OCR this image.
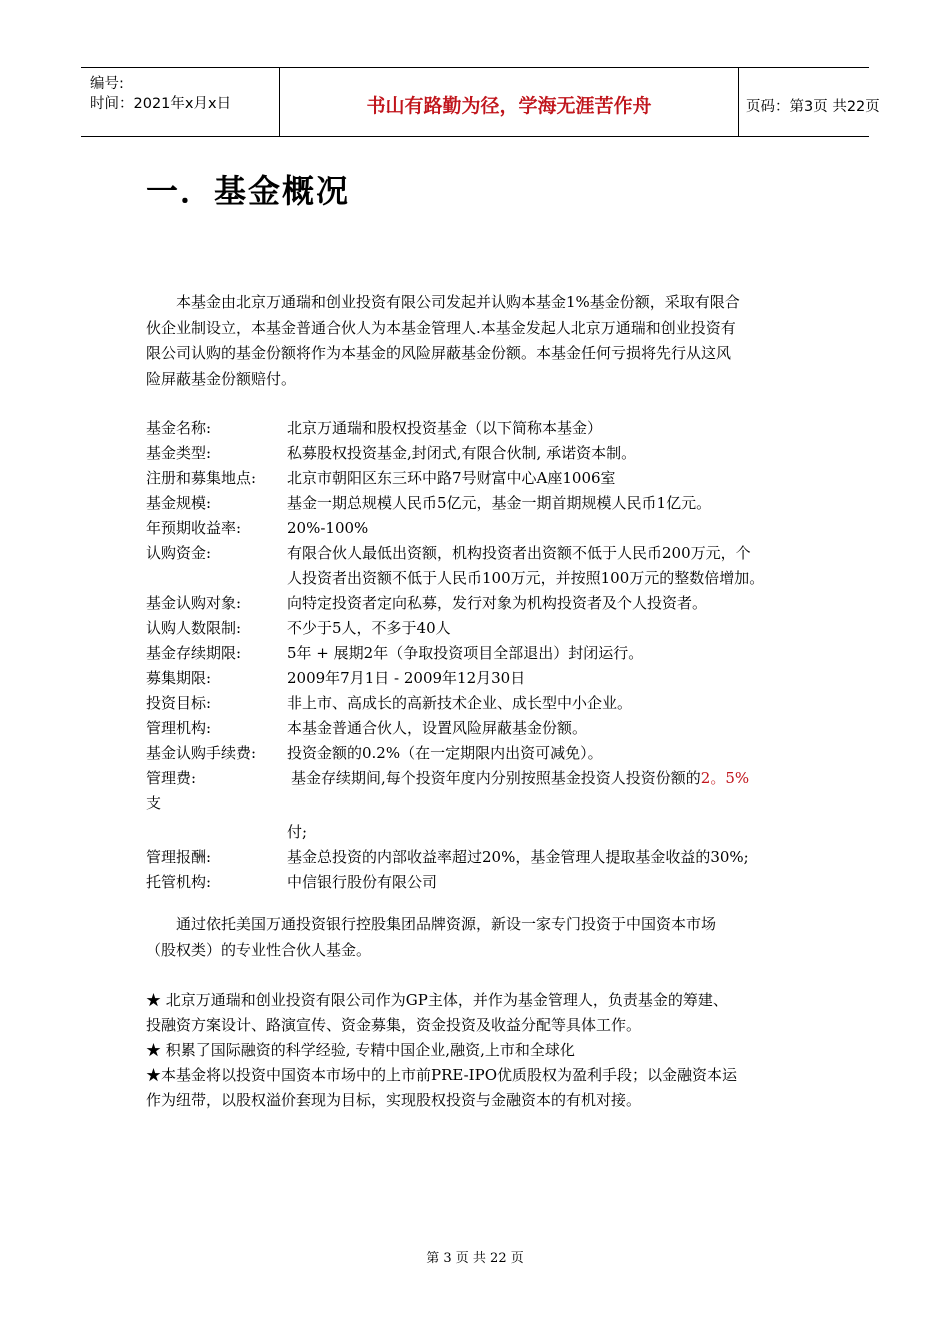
编号:
时间：2021年x月x日	书山有路勤为径，学海无涯苦作舟	页码：第3页 共22页
一．基金概况
本基金由北京万通瑞和创业投资有限公司发起并认购本基金1%基金份额，采取有限合
伙企业制设立，本基金普通合伙人为本基金管理人.本基金发起人北京万通瑞和创业投资有
限公司认购的基金份额将作为本基金的风险屏蔽基金份额。本基金任何亏损将先行从这风
险屏蔽基金份额赔付。
基金名称:	北京万通瑞和股权投资基金（以下简称本基金）
基金类型:	私募股权投资基金,封闭式,有限合伙制, 承诺资本制。
注册和募集地点: 北京市朝阳区东三环中路7号财富中心A座1006室
基金规模:	基金一期总规模人民币5亿元，基金一期首期规模人民币1亿元。
年预期收益率:	20%-100%
认购资金:	有限合伙人最低出资额，机构投资者出资额不低于人民币200万元，个
人投资者出资额不低于人民币100万元，并按照100万元的整数倍增加。
基金认购对象:	向特定投资者定向私募，发行对象为机构投资者及个人投资者。
认购人数限制:	不少于5人，不多于40人
基金存续期限:	5年 + 展期2年（争取投资项目全部退出）封闭运行。
募集期限:	2009年7月1日 - 2009年12月30日
投资目标:	非上市、高成长的高新技术企业、成长型中小企业。
管理机构:	本基金普通合伙人，设置风险屏蔽基金份额。
基金认购手续费: 投资金额的0.2%（在一定期限内出资可减免）。
管理费:	基金存续期间,每个投资年度内分别按照基金投资人投资份额的2。5%
支
付;
管理报酬:	基金总投资的内部收益率超过20%，基金管理人提取基金收益的30%;
托管机构:	中信银行股份有限公司
通过依托美国万通投资银行控股集团品牌资源，新设一家专门投资于中国资本市场
（股权类）的专业性合伙人基金。
★ 北京万通瑞和创业投资有限公司作为GP主体，并作为基金管理人，负责基金的筹建、
投融资方案设计、路演宣传、资金募集，资金投资及收益分配等具体工作。
★ 积累了国际融资的科学经验, 专精中国企业,融资,上市和全球化
★本基金将以投资中国资本市场中的上市前PRE-IPO优质股权为盈利手段；以金融资本运
作为纽带，以股权溢价套现为目标，实现股权投资与金融资本的有机对接。
第 3 页 共 22 页
